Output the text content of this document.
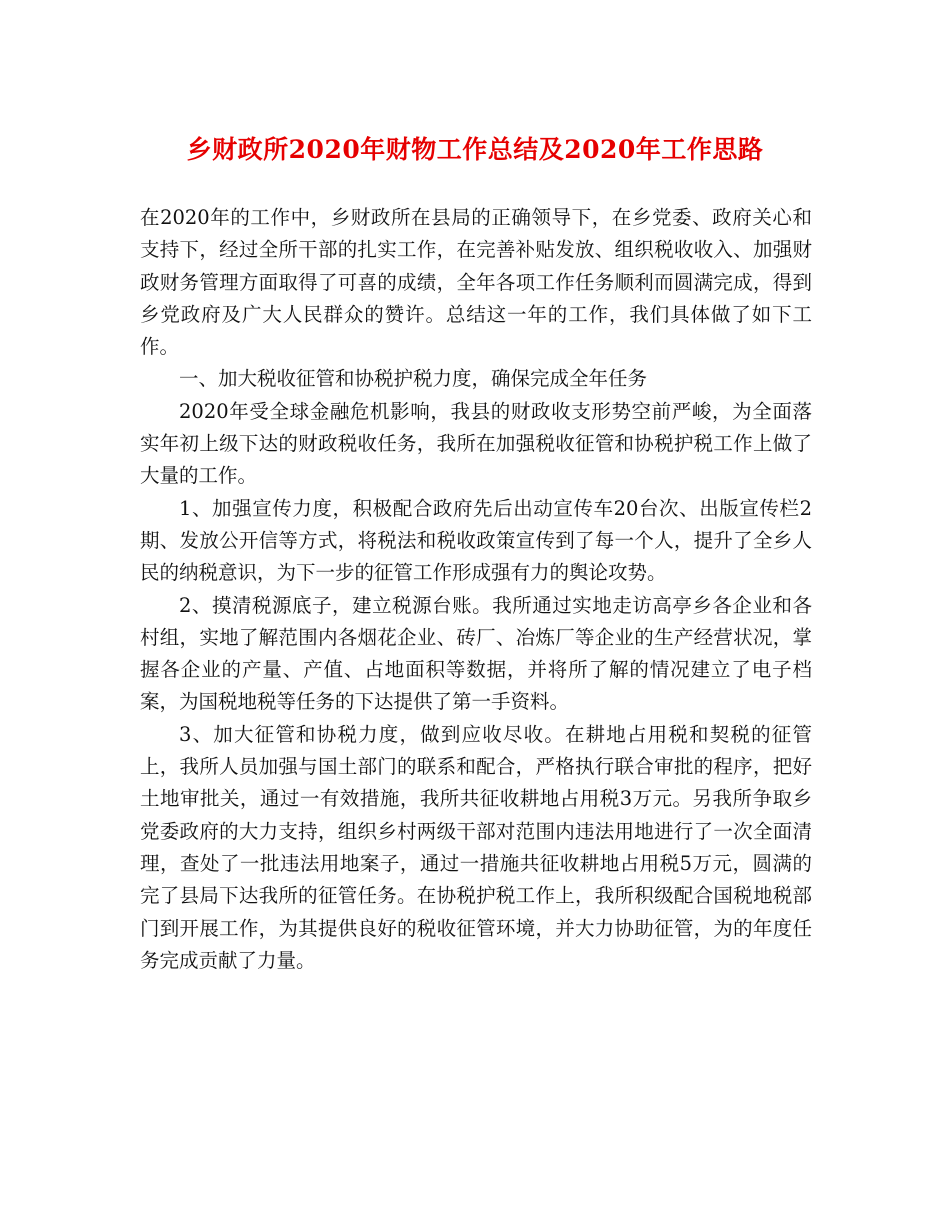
乡财政所2020年财物工作总结及2020年工作思路

在2020年的工作中，乡财政所在县局的正确领导下，在乡党委、政府关心和支持下，经过全所干部的扎实工作，在完善补贴发放、组织税收收入、加强财政财务管理方面取得了可喜的成绩，全年各项工作任务顺利而圆满完成，得到乡党政府及广大人民群众的赞许。总结这一年的工作，我们具体做了如下工作。

一、加大税收征管和协税护税力度，确保完成全年任务

2020年受全球金融危机影响，我县的财政收支形势空前严峻，为全面落实年初上级下达的财政税收任务，我所在加强税收征管和协税护税工作上做了大量的工作。

1、加强宣传力度，积极配合政府先后出动宣传车20台次、出版宣传栏2期、发放公开信等方式，将税法和税收政策宣传到了每一个人，提升了全乡人民的纳税意识，为下一步的征管工作形成强有力的舆论攻势。

2、摸清税源底子，建立税源台账。我所通过实地走访高亭乡各企业和各村组，实地了解范围内各烟花企业、砖厂、冶炼厂等企业的生产经营状况，掌握各企业的产量、产值、占地面积等数据，并将所了解的情况建立了电子档案，为国税地税等任务的下达提供了第一手资料。

3、加大征管和协税力度，做到应收尽收。在耕地占用税和契税的征管上，我所人员加强与国土部门的联系和配合，严格执行联合审批的程序，把好土地审批关，通过一有效措施，我所共征收耕地占用税3万元。另我所争取乡党委政府的大力支持，组织乡村两级干部对范围内违法用地进行了一次全面清理，查处了一批违法用地案子，通过一措施共征收耕地占用税5万元，圆满的完了县局下达我所的征管任务。在协税护税工作上，我所积级配合国税地税部门到开展工作，为其提供良好的税收征管环境，并大力协助征管，为的年度任务完成贡献了力量。
